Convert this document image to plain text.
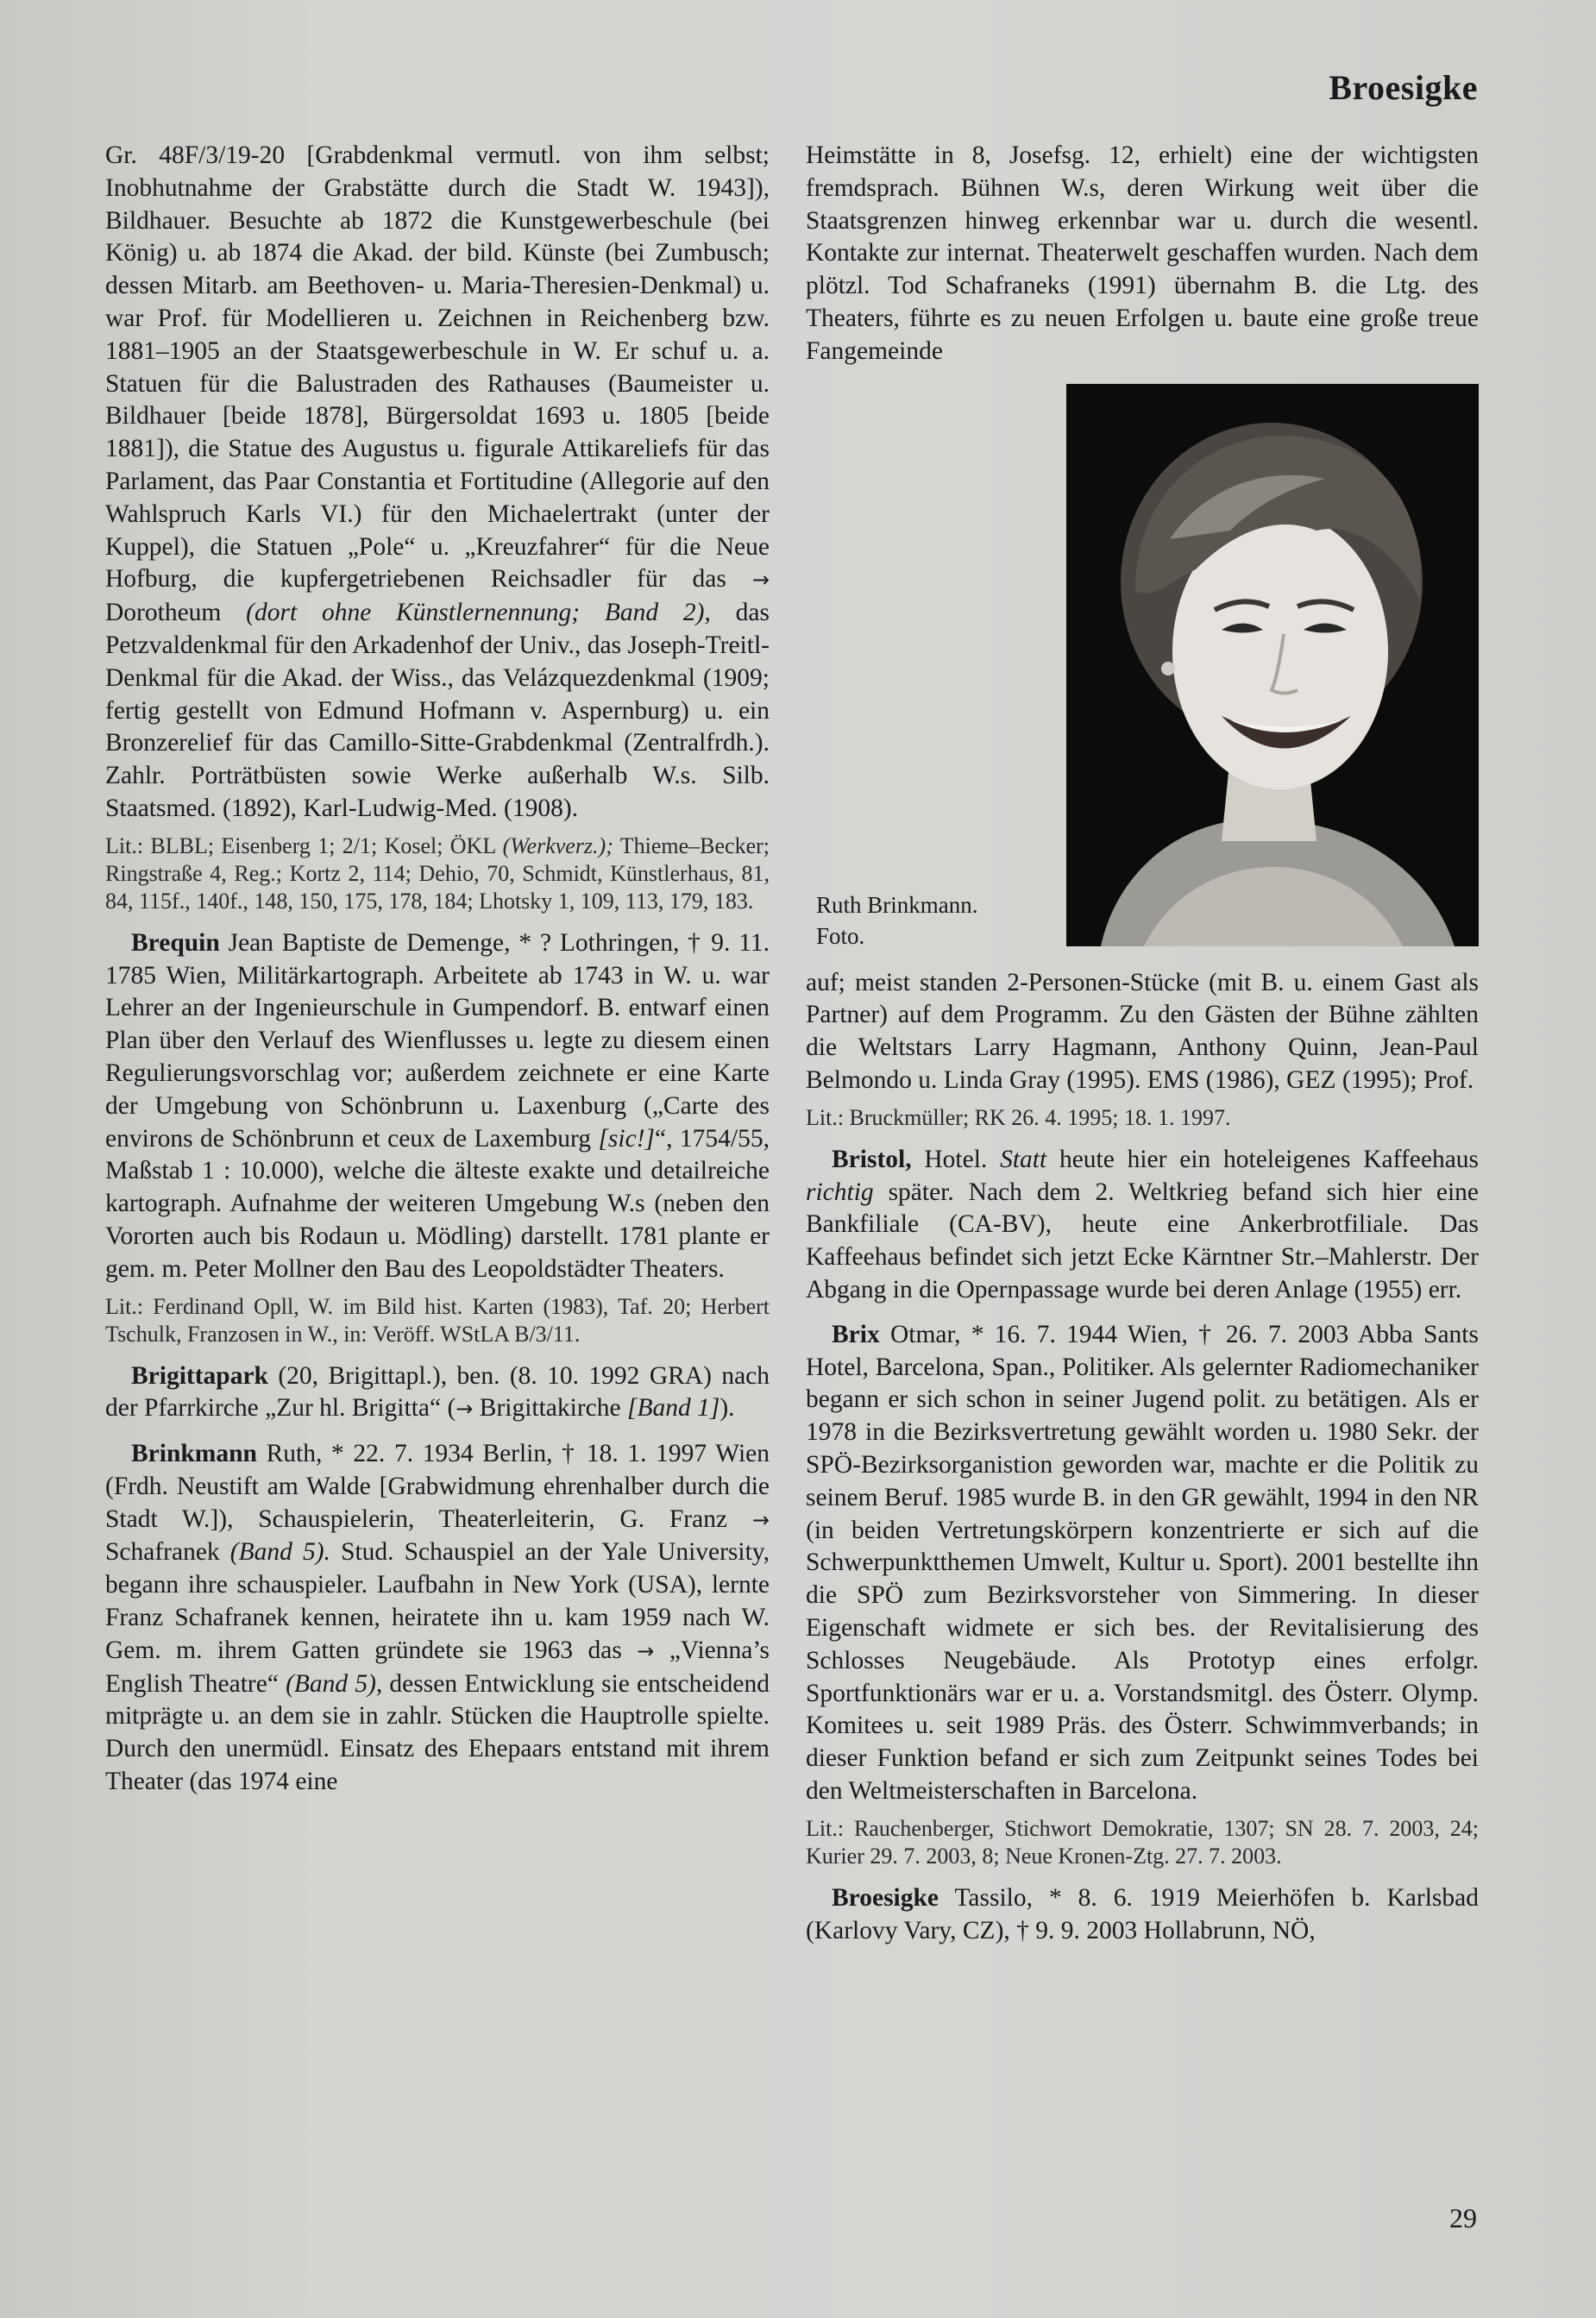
Broesigke

Gr. 48F/3/19-20 [Grabdenkmal vermutl. von ihm selbst; Inobhutnahme der Grabstätte durch die Stadt W. 1943]), Bildhauer. Besuchte ab 1872 die Kunstgewerbeschule (bei König) u. ab 1874 die Akad. der bild. Künste (bei Zumbusch; dessen Mitarb. am Beethoven- u. Maria-Theresien-Denkmal) u. war Prof. für Modellieren u. Zeichnen in Reichenberg bzw. 1881–1905 an der Staatsgewerbeschule in W. Er schuf u. a. Statuen für die Balustraden des Rathauses (Baumeister u. Bildhauer [beide 1878], Bürgersoldat 1693 u. 1805 [beide 1881]), die Statue des Augustus u. figurale Attikareliefs für das Parlament, das Paar Constantia et Fortitudine (Allegorie auf den Wahlspruch Karls VI.) für den Michaelertrakt (unter der Kuppel), die Statuen „Pole“ u. „Kreuzfahrer“ für die Neue Hofburg, die kupfergetriebenen Reichsadler für das → Dorotheum (dort ohne Künstlernennung; Band 2), das Petzvaldenkmal für den Arkadenhof der Univ., das Joseph-Treitl-Denkmal für die Akad. der Wiss., das Velázquezdenkmal (1909; fertig gestellt von Edmund Hofmann v. Aspernburg) u. ein Bronzerelief für das Camillo-Sitte-Grabdenkmal (Zentralfrdh.). Zahlr. Porträtbüsten sowie Werke außerhalb W.s. Silb. Staatsmed. (1892), Karl-Ludwig-Med. (1908).

Lit.: BLBL; Eisenberg 1; 2/1; Kosel; ÖKL (Werkverz.); Thieme–Becker; Ringstraße 4, Reg.; Kortz 2, 114; Dehio, 70, Schmidt, Künstlerhaus, 81, 84, 115f., 140f., 148, 150, 175, 178, 184; Lhotsky 1, 109, 113, 179, 183.

Brequin Jean Baptiste de Demenge, * ? Lothringen, † 9. 11. 1785 Wien, Militärkartograph. Arbeitete ab 1743 in W. u. war Lehrer an der Ingenieurschule in Gumpendorf. B. entwarf einen Plan über den Verlauf des Wienflusses u. legte zu diesem einen Regulierungsvorschlag vor; außerdem zeichnete er eine Karte der Umgebung von Schönbrunn u. Laxenburg („Carte des environs de Schönbrunn et ceux de Laxemburg [sic!]“, 1754/55, Maßstab 1 : 10.000), welche die älteste exakte und detailreiche kartograph. Aufnahme der weiteren Umgebung W.s (neben den Vororten auch bis Rodaun u. Mödling) darstellt. 1781 plante er gem. m. Peter Mollner den Bau des Leopoldstädter Theaters.

Lit.: Ferdinand Opll, W. im Bild hist. Karten (1983), Taf. 20; Herbert Tschulk, Franzosen in W., in: Veröff. WStLA B/3/11.

Brigittapark (20, Brigittapl.), ben. (8. 10. 1992 GRA) nach der Pfarrkirche „Zur hl. Brigitta“ (→ Brigittakirche [Band 1]).

Brinkmann Ruth, * 22. 7. 1934 Berlin, † 18. 1. 1997 Wien (Frdh. Neustift am Walde [Grabwidmung ehrenhalber durch die Stadt W.]), Schauspielerin, Theaterleiterin, G. Franz → Schafranek (Band 5). Stud. Schauspiel an der Yale University, begann ihre schauspieler. Laufbahn in New York (USA), lernte Franz Schafranek kennen, heiratete ihn u. kam 1959 nach W. Gem. m. ihrem Gatten gründete sie 1963 das → „Vienna’s English Theatre“ (Band 5), dessen Entwicklung sie entscheidend mitprägte u. an dem sie in zahlr. Stücken die Hauptrolle spielte. Durch den unermüdl. Einsatz des Ehepaars entstand mit ihrem Theater (das 1974 eine

Heimstätte in 8, Josefsg. 12, erhielt) eine der wichtigsten fremdsprach. Bühnen W.s, deren Wirkung weit über die Staatsgrenzen hinweg erkennbar war u. durch die wesentl. Kontakte zur internat. Theaterwelt geschaffen wurden. Nach dem plötzl. Tod Schafraneks (1991) übernahm B. die Ltg. des Theaters, führte es zu neuen Erfolgen u. baute eine große treue Fangemeinde

Ruth Brinkmann.
Foto.

auf; meist standen 2-Personen-Stücke (mit B. u. einem Gast als Partner) auf dem Programm. Zu den Gästen der Bühne zählten die Weltstars Larry Hagmann, Anthony Quinn, Jean-Paul Belmondo u. Linda Gray (1995). EMS (1986), GEZ (1995); Prof.

Lit.: Bruckmüller; RK 26. 4. 1995; 18. 1. 1997.

Bristol, Hotel. Statt heute hier ein hoteleigenes Kaffeehaus richtig später. Nach dem 2. Weltkrieg befand sich hier eine Bankfiliale (CA-BV), heute eine Ankerbrotfiliale. Das Kaffeehaus befindet sich jetzt Ecke Kärntner Str.–Mahlerstr. Der Abgang in die Opernpassage wurde bei deren Anlage (1955) err.

Brix Otmar, * 16. 7. 1944 Wien, † 26. 7. 2003 Abba Sants Hotel, Barcelona, Span., Politiker. Als gelernter Radiomechaniker begann er sich schon in seiner Jugend polit. zu betätigen. Als er 1978 in die Bezirksvertretung gewählt worden u. 1980 Sekr. der SPÖ-Bezirksorganistion geworden war, machte er die Politik zu seinem Beruf. 1985 wurde B. in den GR gewählt, 1994 in den NR (in beiden Vertretungskörpern konzentrierte er sich auf die Schwerpunktthemen Umwelt, Kultur u. Sport). 2001 bestellte ihn die SPÖ zum Bezirksvorsteher von Simmering. In dieser Eigenschaft widmete er sich bes. der Revitalisierung des Schlosses Neugebäude. Als Prototyp eines erfolgr. Sportfunktionärs war er u. a. Vorstandsmitgl. des Österr. Olymp. Komitees u. seit 1989 Präs. des Österr. Schwimmverbands; in dieser Funktion befand er sich zum Zeitpunkt seines Todes bei den Weltmeisterschaften in Barcelona.

Lit.: Rauchenberger, Stichwort Demokratie, 1307; SN 28. 7. 2003, 24; Kurier 29. 7. 2003, 8; Neue Kronen-Ztg. 27. 7. 2003.

Broesigke Tassilo, * 8. 6. 1919 Meierhöfen b. Karlsbad (Karlovy Vary, CZ), † 9. 9. 2003 Hollabrunn, NÖ,

29
